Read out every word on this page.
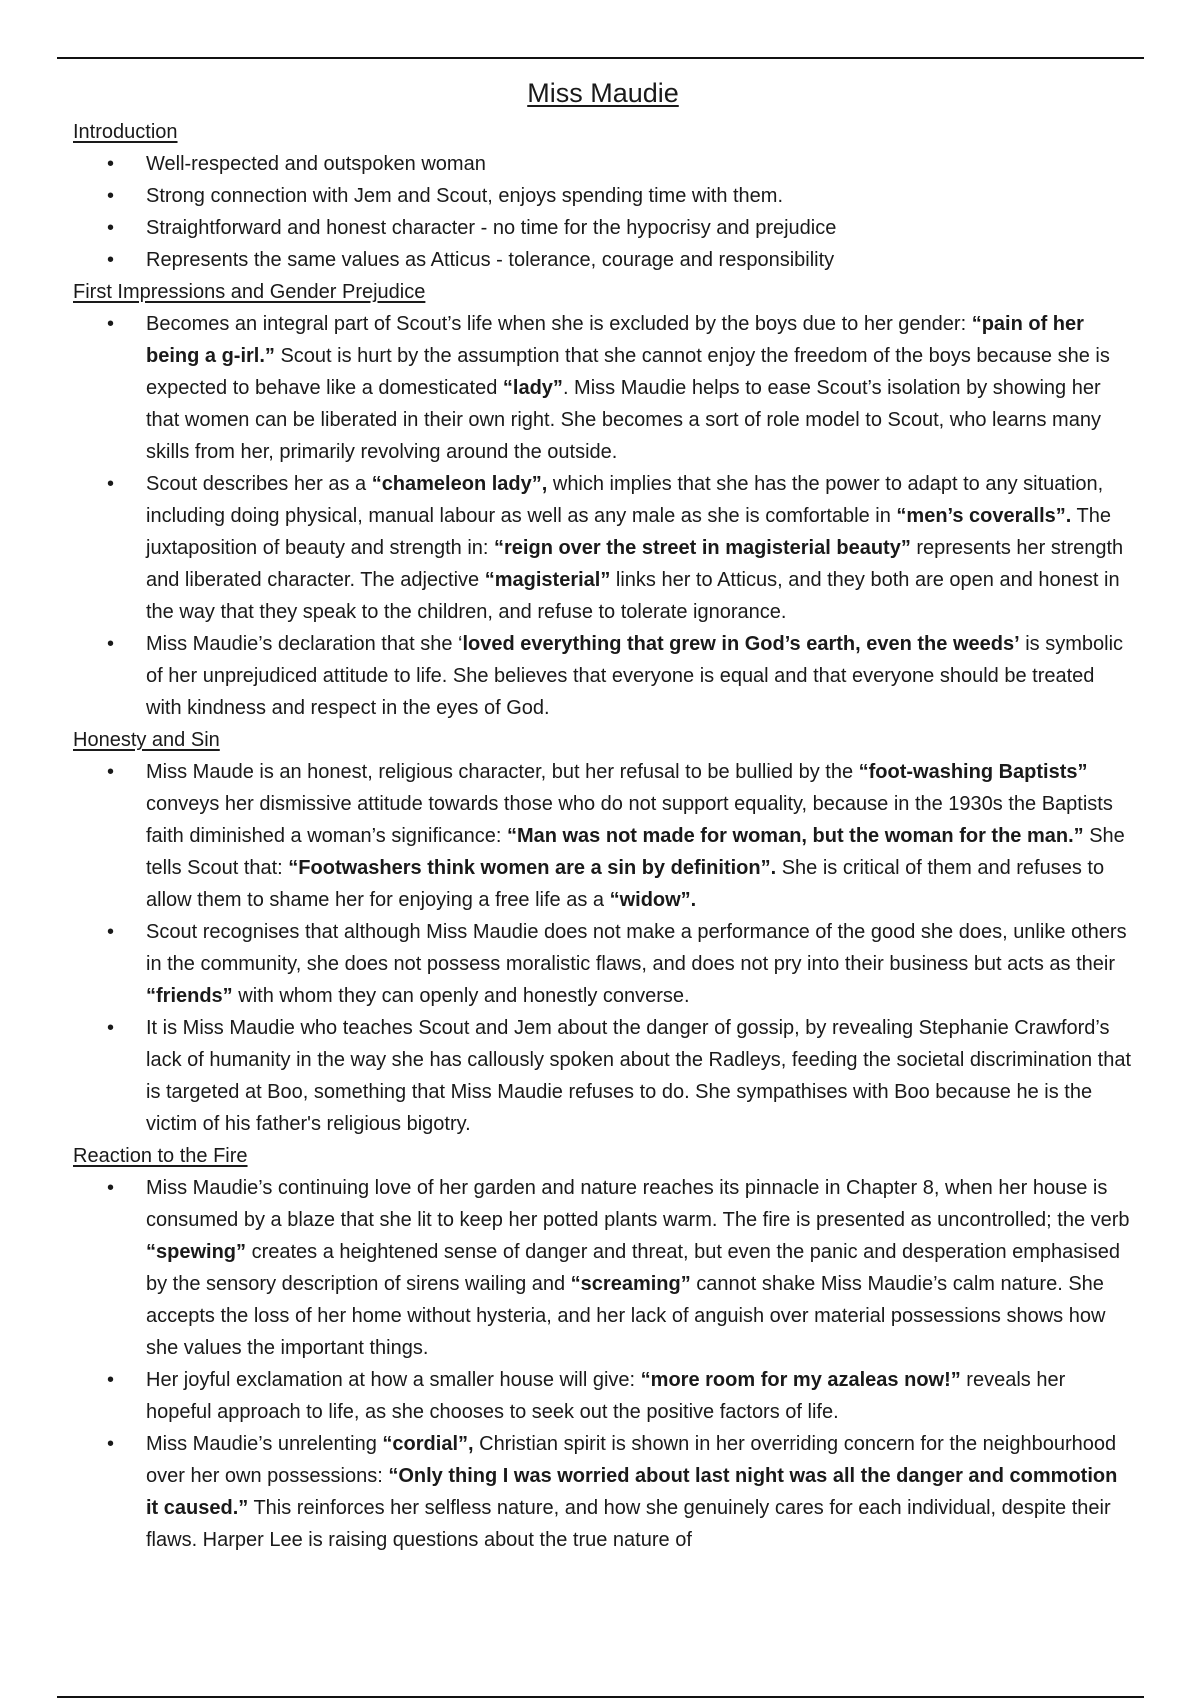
Miss Maudie
Introduction
• Well-respected and outspoken woman
• Strong connection with Jem and Scout, enjoys spending time with them.
• Straightforward and honest character - no time for the hypocrisy and prejudice
• Represents the same values as Atticus - tolerance, courage and responsibility
First Impressions and Gender Prejudice
• Becomes an integral part of Scout’s life when she is excluded by the boys due to her gender: “pain of her being a g-irl.” Scout is hurt by the assumption that she cannot enjoy the freedom of the boys because she is expected to behave like a domesticated “lady”. Miss Maudie helps to ease Scout’s isolation by showing her that women can be liberated in their own right. She becomes a sort of role model to Scout, who learns many skills from her, primarily revolving around the outside.
• Scout describes her as a “chameleon lady”, which implies that she has the power to adapt to any situation, including doing physical, manual labour as well as any male as she is comfortable in “men’s coveralls”. The juxtaposition of beauty and strength in: “reign over the street in magisterial beauty” represents her strength and liberated character. The adjective “magisterial” links her to Atticus, and they both are open and honest in the way that they speak to the children, and refuse to tolerate ignorance.
• Miss Maudie’s declaration that she ‘loved everything that grew in God’s earth, even the weeds’ is symbolic of her unprejudiced attitude to life. She believes that everyone is equal and that everyone should be treated with kindness and respect in the eyes of God.
Honesty and Sin
• Miss Maude is an honest, religious character, but her refusal to be bullied by the “foot-washing Baptists” conveys her dismissive attitude towards those who do not support equality, because in the 1930s the Baptists faith diminished a woman’s significance: “Man was not made for woman, but the woman for the man.” She tells Scout that: “Footwashers think women are a sin by definition”. She is critical of them and refuses to allow them to shame her for enjoying a free life as a “widow”.
• Scout recognises that although Miss Maudie does not make a performance of the good she does, unlike others in the community, she does not possess moralistic flaws, and does not pry into their business but acts as their “friends” with whom they can openly and honestly converse.
• It is Miss Maudie who teaches Scout and Jem about the danger of gossip, by revealing Stephanie Crawford’s lack of humanity in the way she has callously spoken about the Radleys, feeding the societal discrimination that is targeted at Boo, something that Miss Maudie refuses to do. She sympathises with Boo because he is the victim of his father's religious bigotry.
Reaction to the Fire
• Miss Maudie’s continuing love of her garden and nature reaches its pinnacle in Chapter 8, when her house is consumed by a blaze that she lit to keep her potted plants warm. The fire is presented as uncontrolled; the verb “spewing” creates a heightened sense of danger and threat, but even the panic and desperation emphasised by the sensory description of sirens wailing and “screaming” cannot shake Miss Maudie’s calm nature. She accepts the loss of her home without hysteria, and her lack of anguish over material possessions shows how she values the important things.
• Her joyful exclamation at how a smaller house will give: “more room for my azaleas now!” reveals her hopeful approach to life, as she chooses to seek out the positive factors of life.
• Miss Maudie’s unrelenting “cordial”, Christian spirit is shown in her overriding concern for the neighbourhood over her own possessions: “Only thing I was worried about last night was all the danger and commotion it caused.” This reinforces her selfless nature, and how she genuinely cares for each individual, despite their flaws. Harper Lee is raising questions about the true nature of
